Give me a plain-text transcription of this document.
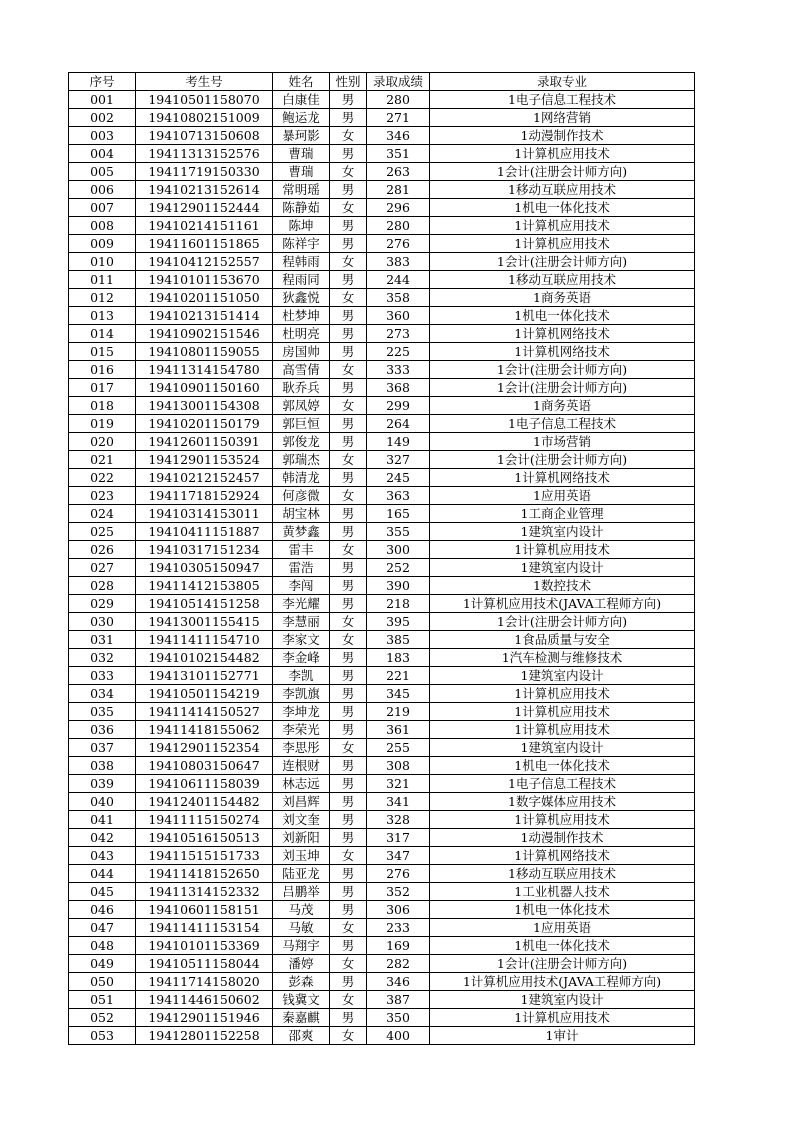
序号	考生号	姓名	性别	录取成绩	录取专业
001	19410501158070	白康佳	男	280	1电子信息工程技术
002	19410802151009	鲍运龙	男	271	1网络营销
003	19410713150608	暴珂影	女	346	1动漫制作技术
004	19411313152576	曹瑞	男	351	1计算机应用技术
005	19411719150330	曹瑞	女	263	1会计(注册会计师方向)
006	19410213152614	常明瑶	男	281	1移动互联应用技术
007	19412901152444	陈静茹	女	296	1机电一体化技术
008	19410214151161	陈坤	男	280	1计算机应用技术
009	19411601151865	陈祥宇	男	276	1计算机应用技术
010	19410412152557	程韩雨	女	383	1会计(注册会计师方向)
011	19410101153670	程雨同	男	244	1移动互联应用技术
012	19410201151050	狄鑫悦	女	358	1商务英语
013	19410213151414	杜梦坤	男	360	1机电一体化技术
014	19410902151546	杜明亮	男	273	1计算机网络技术
015	19410801159055	房国帅	男	225	1计算机网络技术
016	19411314154780	高雪倩	女	333	1会计(注册会计师方向)
017	19410901150160	耿乔兵	男	368	1会计(注册会计师方向)
018	19413001154308	郭凤婷	女	299	1商务英语
019	19410201150179	郭巨恒	男	264	1电子信息工程技术
020	19412601150391	郭俊龙	男	149	1市场营销
021	19412901153524	郭瑞杰	女	327	1会计(注册会计师方向)
022	19410212152457	韩清龙	男	245	1计算机网络技术
023	19411718152924	何彦微	女	363	1应用英语
024	19410314153011	胡宝林	男	165	1工商企业管理
025	19410411151887	黄梦鑫	男	355	1建筑室内设计
026	19410317151234	雷丰	女	300	1计算机应用技术
027	19410305150947	雷浩	男	252	1建筑室内设计
028	19411412153805	李闯	男	390	1数控技术
029	19410514151258	李光耀	男	218	1计算机应用技术(JAVA工程师方向)
030	19413001155415	李慧丽	女	395	1会计(注册会计师方向)
031	19411411154710	李家文	女	385	1食品质量与安全
032	19410102154482	李金峰	男	183	1汽车检测与维修技术
033	19413101152771	李凯	男	221	1建筑室内设计
034	19410501154219	李凯旗	男	345	1计算机应用技术
035	19411414150527	李坤龙	男	219	1计算机应用技术
036	19411418155062	李荣光	男	361	1计算机应用技术
037	19412901152354	李思彤	女	255	1建筑室内设计
038	19410803150647	连根财	男	308	1机电一体化技术
039	19410611158039	林志远	男	321	1电子信息工程技术
040	19412401154482	刘昌辉	男	341	1数字媒体应用技术
041	19411115150274	刘文奎	男	328	1计算机应用技术
042	19410516150513	刘新阳	男	317	1动漫制作技术
043	19411515151733	刘玉坤	女	347	1计算机网络技术
044	19411418152650	陆亚龙	男	276	1移动互联应用技术
045	19411314152332	吕鹏举	男	352	1工业机器人技术
046	19410601158151	马茂	男	306	1机电一体化技术
047	19411411153154	马敏	女	233	1应用英语
048	19410101153369	马翔宇	男	169	1机电一体化技术
049	19410511158044	潘婷	女	282	1会计(注册会计师方向)
050	19411714158020	彭森	男	346	1计算机应用技术(JAVA工程师方向)
051	19411446150602	钱冀文	女	387	1建筑室内设计
052	19412901151946	秦嘉麒	男	350	1计算机应用技术
053	19412801152258	邵爽	女	400	1审计
